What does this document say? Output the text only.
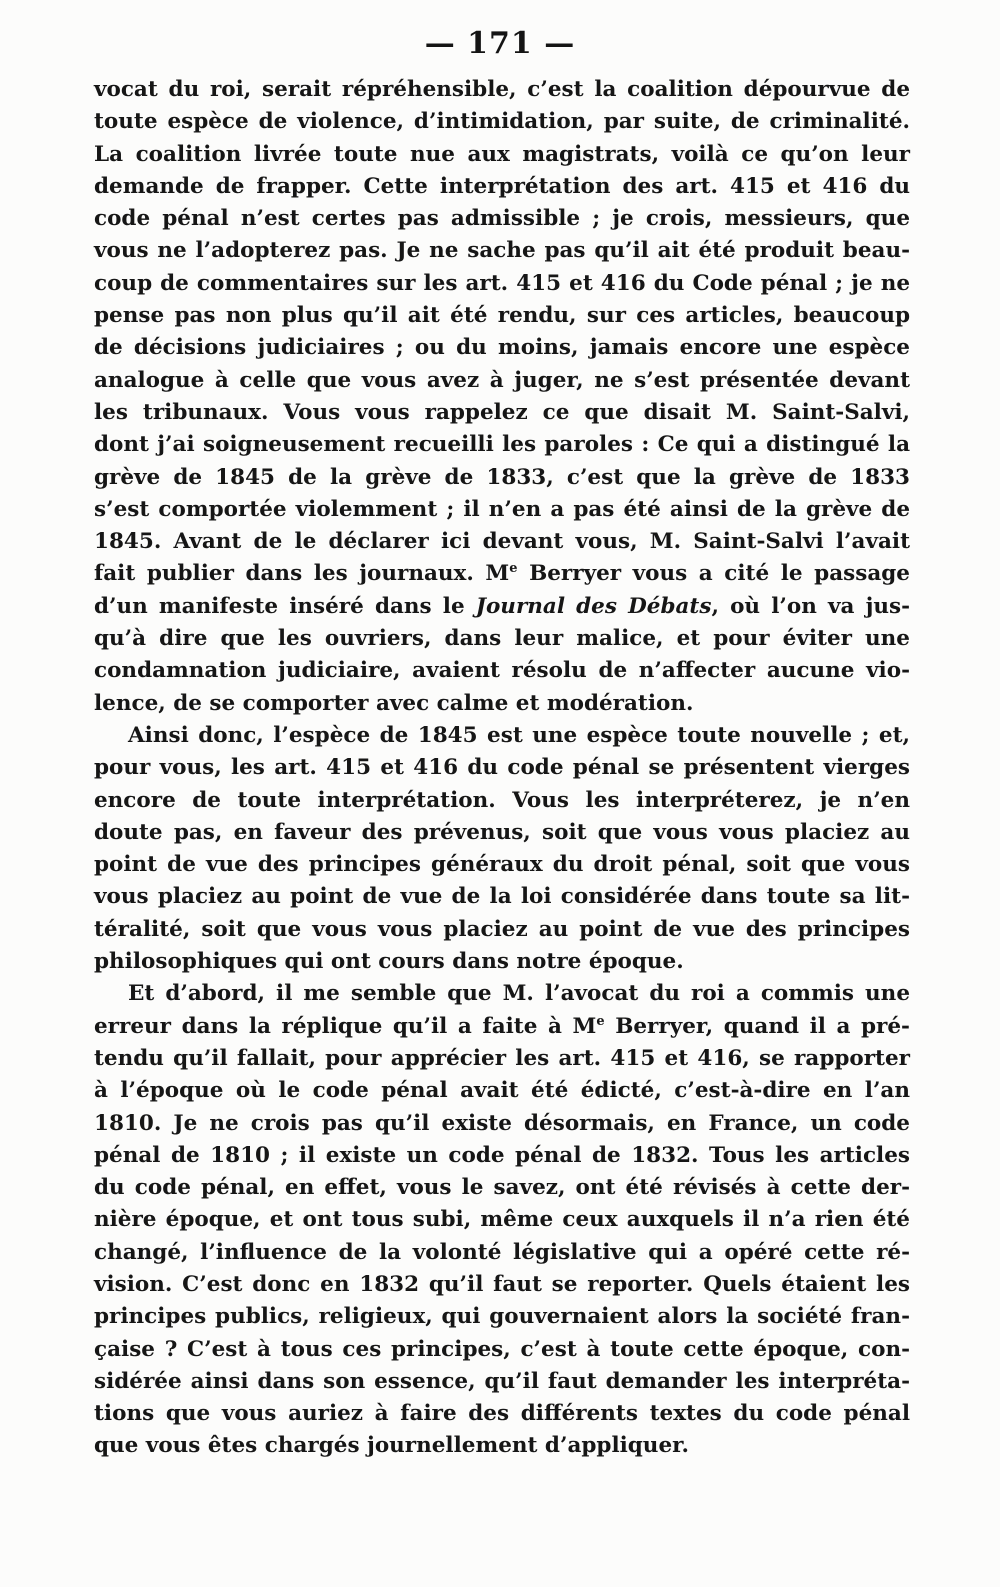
— 171 —
vocat du roi, serait répréhensible, c’est la coalition dépourvue de
toute espèce de violence, d’intimidation, par suite, de criminalité.
La coalition livrée toute nue aux magistrats, voilà ce qu’on leur
demande de frapper. Cette interprétation des art. 415 et 416 du
code pénal n’est certes pas admissible ; je crois, messieurs, que
vous ne l’adopterez pas. Je ne sache pas qu’il ait été produit beau-
coup de commentaires sur les art. 415 et 416 du Code pénal ; je ne
pense pas non plus qu’il ait été rendu, sur ces articles, beaucoup
de décisions judiciaires ; ou du moins, jamais encore une espèce
analogue à celle que vous avez à juger, ne s’est présentée devant
les tribunaux. Vous vous rappelez ce que disait M. Saint-Salvi,
dont j’ai soigneusement recueilli les paroles : Ce qui a distingué la
grève de 1845 de la grève de 1833, c’est que la grève de 1833
s’est comportée violemment ; il n’en a pas été ainsi de la grève de
1845. Avant de le déclarer ici devant vous, M. Saint-Salvi l’avait
fait publier dans les journaux. Me Berryer vous a cité le passage
d’un manifeste inséré dans le Journal des Débats, où l’on va jus-
qu’à dire que les ouvriers, dans leur malice, et pour éviter une
condamnation judiciaire, avaient résolu de n’affecter aucune vio-
lence, de se comporter avec calme et modération.
Ainsi donc, l’espèce de 1845 est une espèce toute nouvelle ; et,
pour vous, les art. 415 et 416 du code pénal se présentent vierges
encore de toute interprétation. Vous les interpréterez, je n’en
doute pas, en faveur des prévenus, soit que vous vous placiez au
point de vue des principes généraux du droit pénal, soit que vous
vous placiez au point de vue de la loi considérée dans toute sa lit-
téralité, soit que vous vous placiez au point de vue des principes
philosophiques qui ont cours dans notre époque.
Et d’abord, il me semble que M. l’avocat du roi a commis une
erreur dans la réplique qu’il a faite à Me Berryer, quand il a pré-
tendu qu’il fallait, pour apprécier les art. 415 et 416, se rapporter
à l’époque où le code pénal avait été édicté, c’est-à-dire en l’an
1810. Je ne crois pas qu’il existe désormais, en France, un code
pénal de 1810 ; il existe un code pénal de 1832. Tous les articles
du code pénal, en effet, vous le savez, ont été révisés à cette der-
nière époque, et ont tous subi, même ceux auxquels il n’a rien été
changé, l’influence de la volonté législative qui a opéré cette ré-
vision. C’est donc en 1832 qu’il faut se reporter. Quels étaient les
principes publics, religieux, qui gouvernaient alors la société fran-
çaise ? C’est à tous ces principes, c’est à toute cette époque, con-
sidérée ainsi dans son essence, qu’il faut demander les interpréta-
tions que vous auriez à faire des différents textes du code pénal
que vous êtes chargés journellement d’appliquer.
